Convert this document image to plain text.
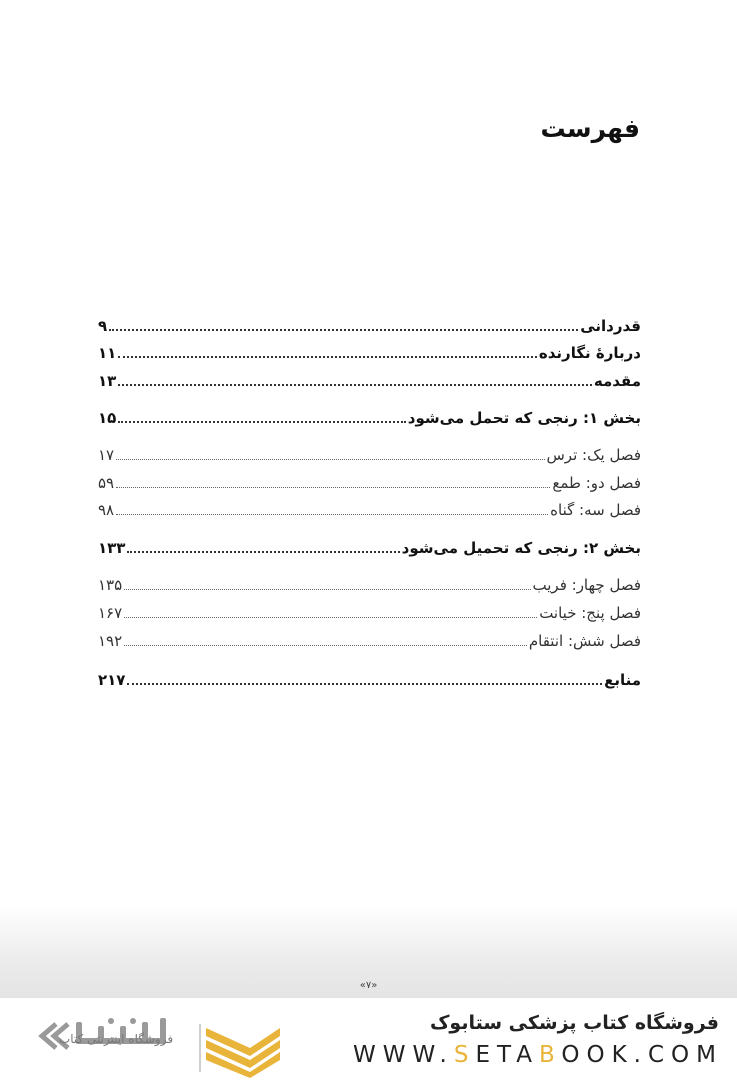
فهرست
قدردانی
۹
دربارهٔ نگارنده
۱۱
مقدمه
۱۳
بخش ۱: رنجی که تحمل می‌شود
۱۵
فصل یک: ترس
۱۷
فصل دو: طمع
۵۹
فصل سه: گناه
۹۸
بخش ۲: رنجی که تحمیل می‌شود
۱۳۳
فصل چهار: فریب
۱۳۵
فصل پنج: خیانت
۱۶۷
فصل شش: انتقام
۱۹۲
منابع
۲۱۷
«۷»
فروشگاه اینترنتی کتاب
فروشگاه کتاب پزشکی ستابوک
WWW.SETABOOK.COM
